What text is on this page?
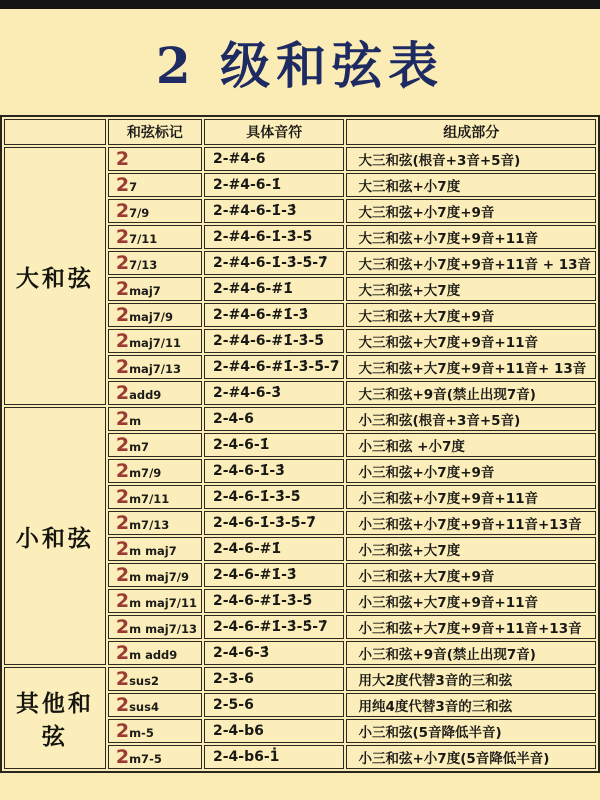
2 级和弦表
	和弦标记	具体音符	组成部分
大和弦	2	2-#4-6	大三和弦(根音+3音+5音)
	27	2-#4-6-1̇	大三和弦+小7度
	27/9	2-#4-6-1̇-3̇	大三和弦+小7度+9音
	27/11	2-#4-6-1̇-3̇-5̇	大三和弦+小7度+9音+11音
	27/13	2-#4-6-1̇-3̇-5̇-7̇	大三和弦+小7度+9音+11音 + 13音
	2maj7	2-#4-6-#1̇	大三和弦+大7度
	2maj7/9	2-#4-6-#1̇-3̇	大三和弦+大7度+9音
	2maj7/11	2-#4-6-#1̇-3̇-5̇	大三和弦+大7度+9音+11音
	2maj7/13	2-#4-6-#1̇-3̇-5̇-7̇	大三和弦+大7度+9音+11音+ 13音
	2add9	2-#4-6-3̇	大三和弦+9音(禁止出现7音)
小和弦	2m	2-4-6	小三和弦(根音+3音+5音)
	2m7	2-4-6-1̇	小三和弦 +小7度
	2m7/9	2-4-6-1̇-3̇	小三和弦+小7度+9音
	2m7/11	2-4-6-1̇-3̇-5̇	小三和弦+小7度+9音+11音
	2m7/13	2-4-6-1̇-3̇-5̇-7̇	小三和弦+小7度+9音+11音+13音
	2m maj7	2-4-6-#1̇	小三和弦+大7度
	2m maj7/9	2-4-6-#1̇-3̇	小三和弦+大7度+9音
	2m maj7/11	2-4-6-#1̇-3̇-5̇	小三和弦+大7度+9音+11音
	2m maj7/13	2-4-6-#1̇-3̇-5̇-7̇	小三和弦+大7度+9音+11音+13音
	2m add9	2-4-6-3̇	小三和弦+9音(禁止出现7音)
其他和弦	2sus2	2-3-6	用大2度代替3音的三和弦
	2sus4	2-5-6	用纯4度代替3音的三和弦
	2m-5	2-4-b6	小三和弦(5音降低半音)
	2m7-5	2-4-b6-1̇	小三和弦+小7度(5音降低半音)
